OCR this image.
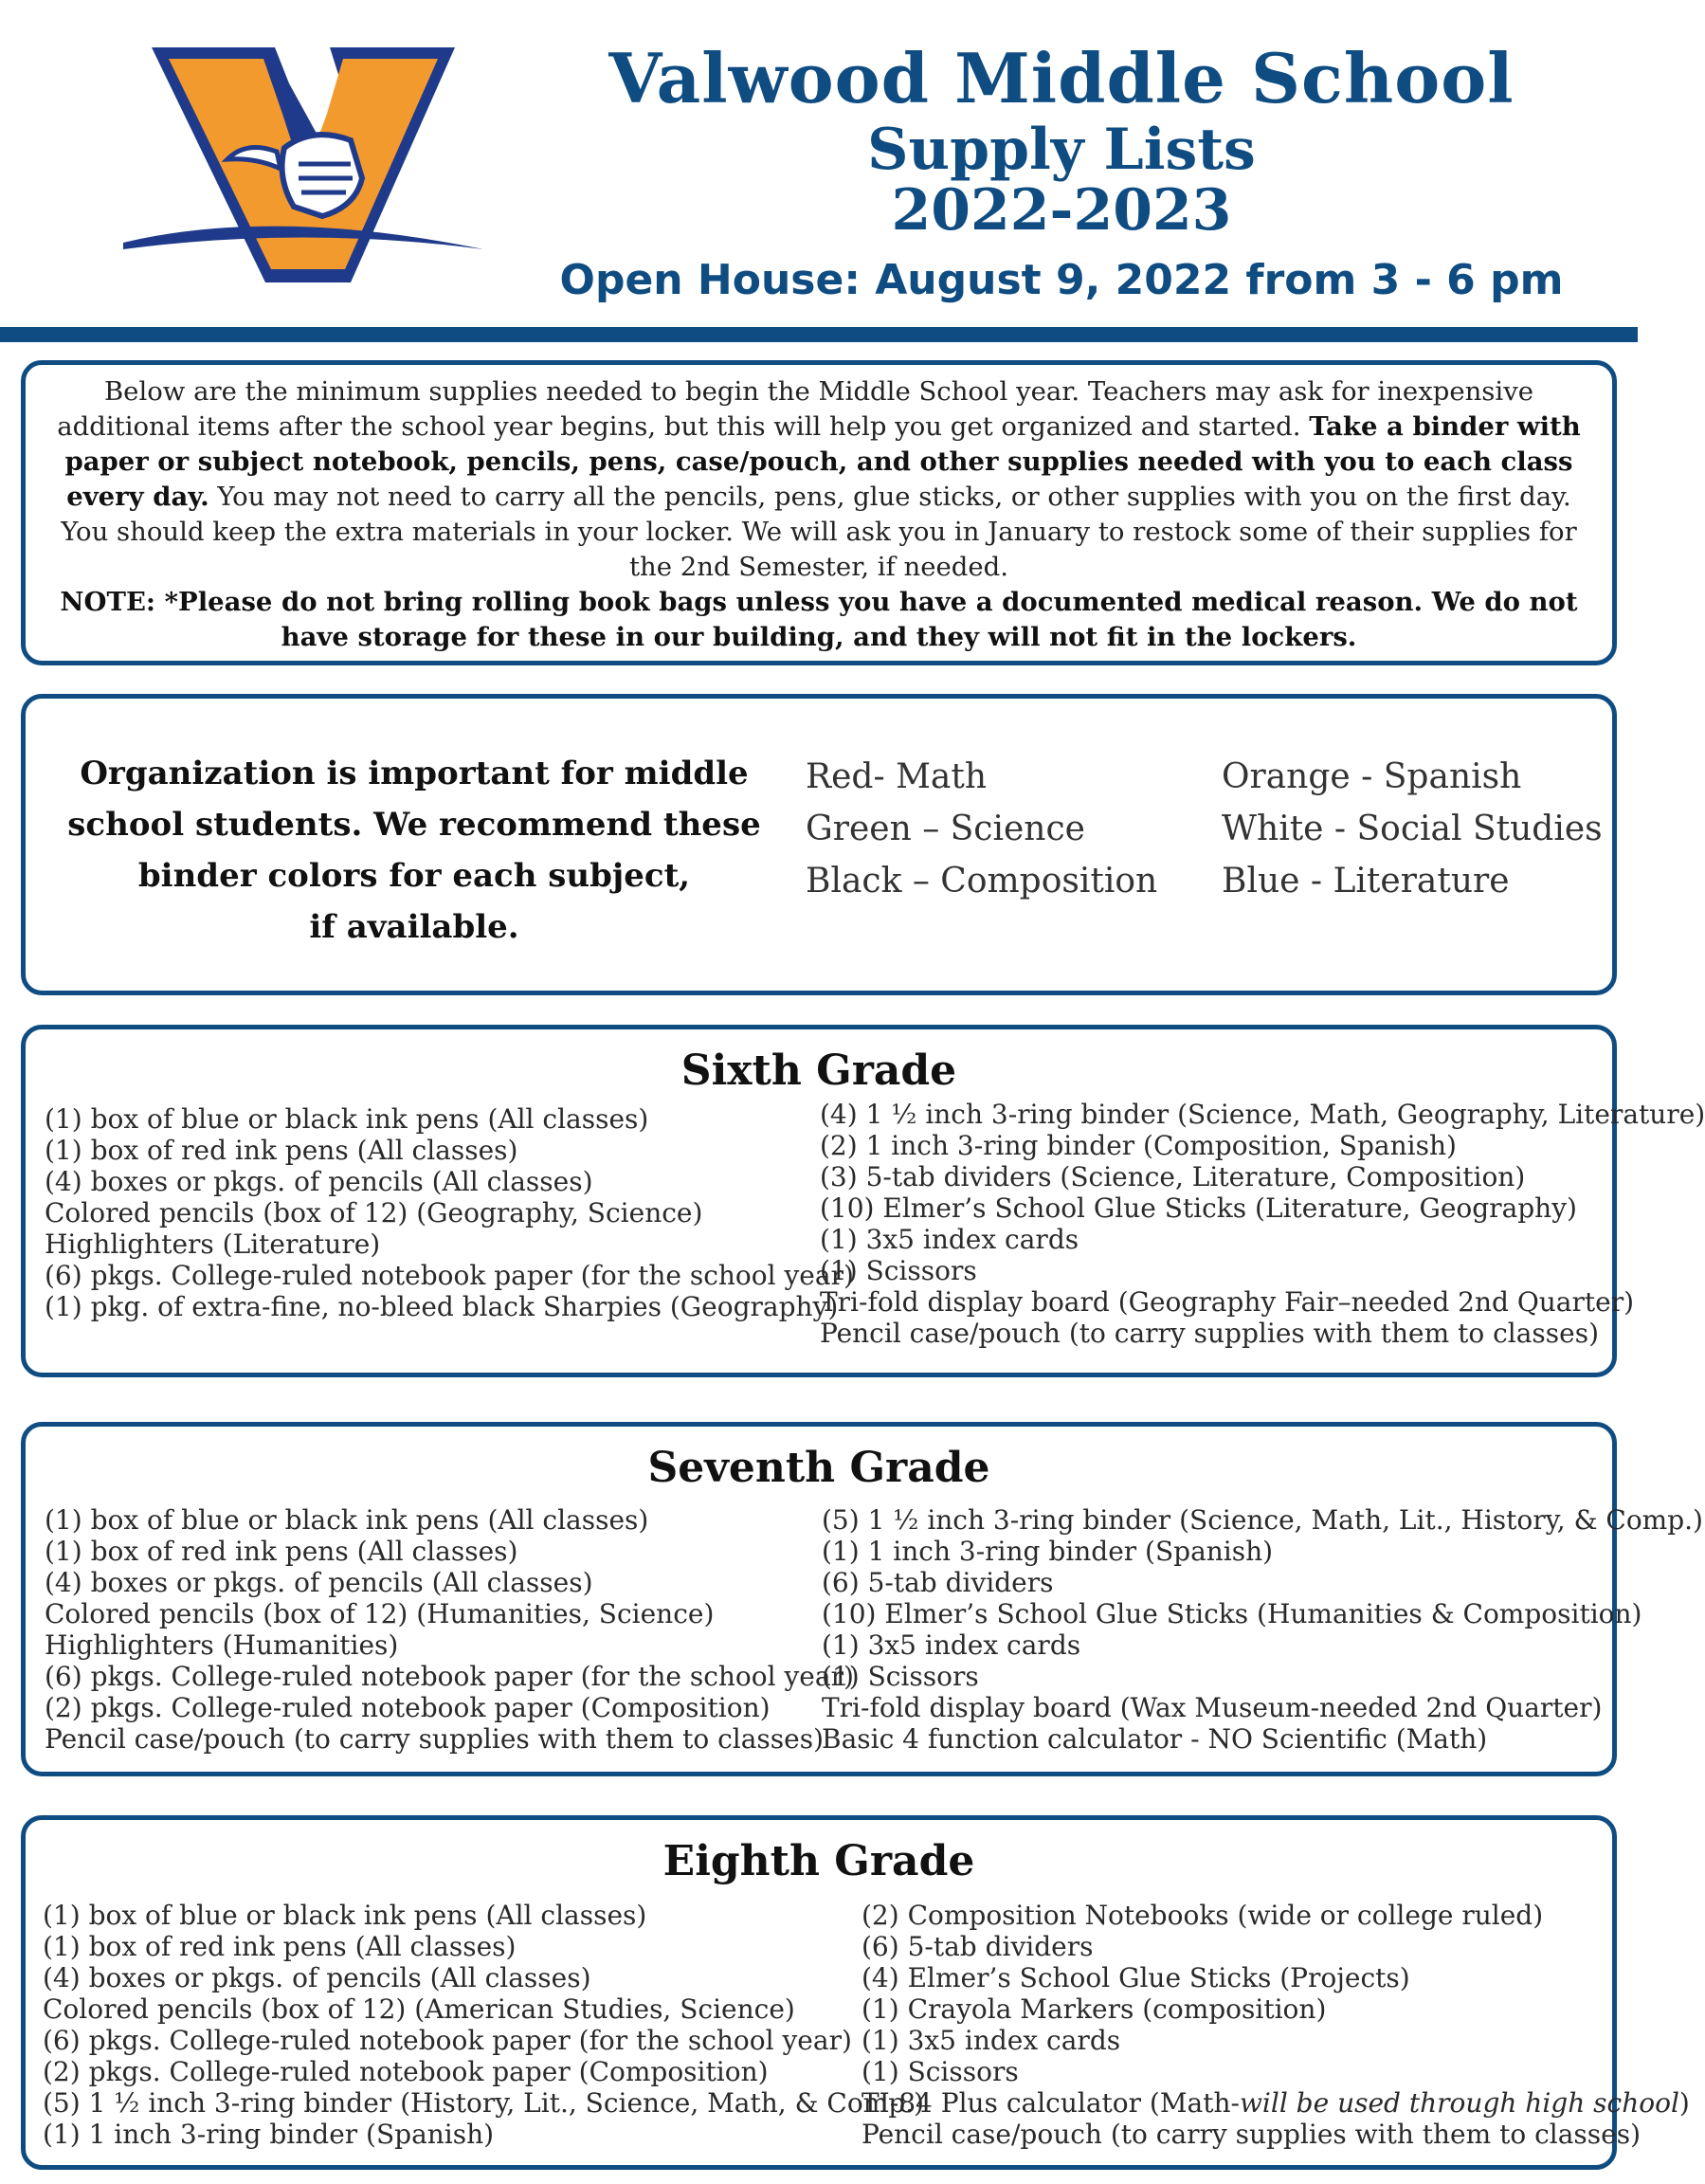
Valwood Middle School
Supply Lists
2022-2023
Open House: August 9, 2022 from 3 - 6 pm
Below are the minimum supplies needed to begin the Middle School year. Teachers may ask for inexpensive additional items after the school year begins, but this will help you get organized and started. Take a binder with paper or subject notebook, pencils, pens, case/pouch, and other supplies needed with you to each class every day. You may not need to carry all the pencils, pens, glue sticks, or other supplies with you on the first day. You should keep the extra materials in your locker. We will ask you in January to restock some of their supplies for the 2nd Semester, if needed.
NOTE: *Please do not bring rolling book bags unless you have a documented medical reason. We do not have storage for these in our building, and they will not fit in the lockers.
Organization is important for middle
school students. We recommend these
binder colors for each subject,
if available.
Red- Math
Green – Science
Black – Composition
Orange - Spanish
White - Social Studies
Blue - Literature
Sixth Grade
(1) box of blue or black ink pens (All classes)
(1) box of red ink pens (All classes)
(4) boxes or pkgs. of pencils (All classes)
Colored pencils (box of 12) (Geography, Science)
Highlighters (Literature)
(6) pkgs. College-ruled notebook paper (for the school year)
(1) pkg. of extra-fine, no-bleed black Sharpies (Geography)
(4) 1 ½ inch 3-ring binder (Science, Math, Geography, Literature)
(2) 1 inch 3-ring binder (Composition, Spanish)
(3) 5-tab dividers (Science, Literature, Composition)
(10) Elmer’s School Glue Sticks (Literature, Geography)
(1) 3x5 index cards
(1) Scissors
Tri-fold display board (Geography Fair–needed 2nd Quarter)
Pencil case/pouch (to carry supplies with them to classes)
Seventh Grade
(1) box of blue or black ink pens (All classes)
(1) box of red ink pens (All classes)
(4) boxes or pkgs. of pencils (All classes)
Colored pencils (box of 12) (Humanities, Science)
Highlighters (Humanities)
(6) pkgs. College-ruled notebook paper (for the school year)
(2) pkgs. College-ruled notebook paper (Composition)
Pencil case/pouch (to carry supplies with them to classes)
(5) 1 ½ inch 3-ring binder (Science, Math, Lit., History, & Comp.)
(1) 1 inch 3-ring binder (Spanish)
(6) 5-tab dividers
(10) Elmer’s School Glue Sticks (Humanities & Composition)
(1) 3x5 index cards
(1) Scissors
Tri-fold display board (Wax Museum-needed 2nd Quarter)
Basic 4 function calculator - NO Scientific (Math)
Eighth Grade
(1) box of blue or black ink pens (All classes)
(1) box of red ink pens (All classes)
(4) boxes or pkgs. of pencils (All classes)
Colored pencils (box of 12) (American Studies, Science)
(6) pkgs. College-ruled notebook paper (for the school year)
(2) pkgs. College-ruled notebook paper (Composition)
(5) 1 ½ inch 3-ring binder (History, Lit., Science, Math, & Comp.)
(1) 1 inch 3-ring binder (Spanish)
(2) Composition Notebooks (wide or college ruled)
(6) 5-tab dividers
(4) Elmer’s School Glue Sticks (Projects)
(1) Crayola Markers (composition)
(1) 3x5 index cards
(1) Scissors
TI-84 Plus calculator (Math-will be used through high school)
Pencil case/pouch (to carry supplies with them to classes)
